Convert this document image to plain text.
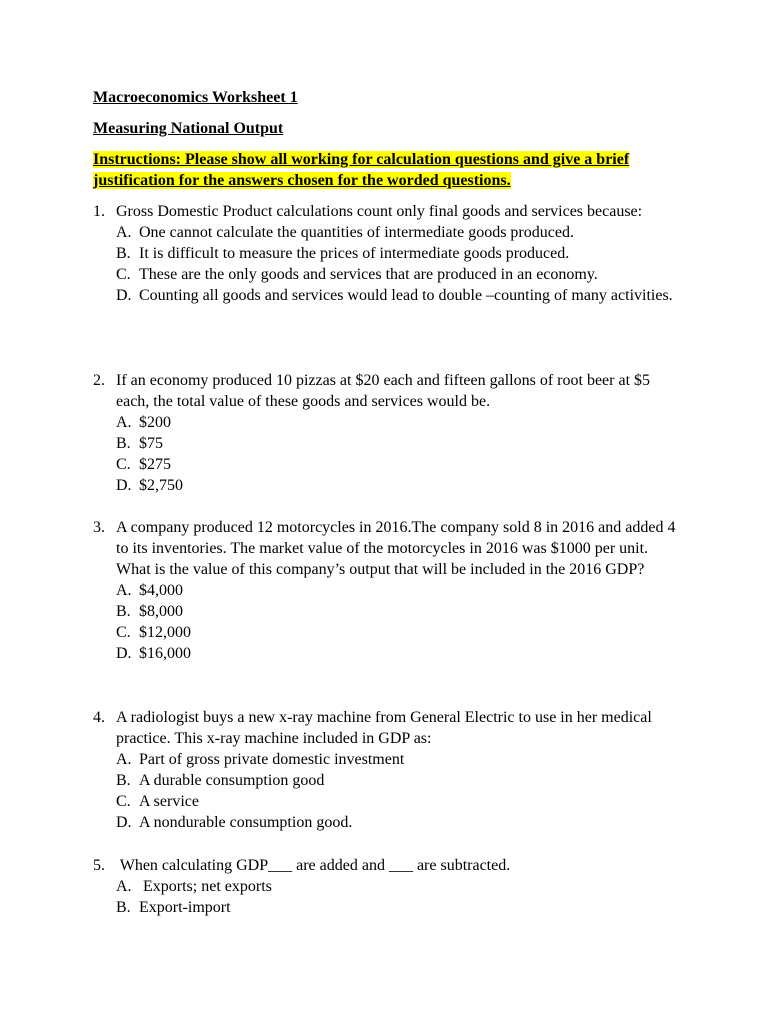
Macroeconomics Worksheet 1

Measuring National Output

Instructions: Please show all working for calculation questions and give a brief justification for the answers chosen for the worded questions.

1. Gross Domestic Product calculations count only final goods and services because:

A. One cannot calculate the quantities of intermediate goods produced.
B. It is difficult to measure the prices of intermediate goods produced.
C. These are the only goods and services that are produced in an economy.
D. Counting all goods and services would lead to double –counting of many activities.
2. If an economy produced 10 pizzas at $20 each and fifteen gallons of root beer at $5 each, the total value of these goods and services would be.

A. $200
B. $75
C. $275
D. $2,750
3. A company produced 12 motorcycles in 2016.The company sold 8 in 2016 and added 4 to its inventories. The market value of the motorcycles in 2016 was $1000 per unit. What is the value of this company’s output that will be included in the 2016 GDP?

A. $4,000
B. $8,000
C. $12,000
D. $16,000
4. A radiologist buys a new x-ray machine from General Electric to use in her medical practice. This x-ray machine included in GDP as:

A. Part of gross private domestic investment
B. A durable consumption good
C. A service
D. A nondurable consumption good.
5. When calculating GDP___ are added and ___ are subtracted.

A. Exports; net exports
B. Export-import
